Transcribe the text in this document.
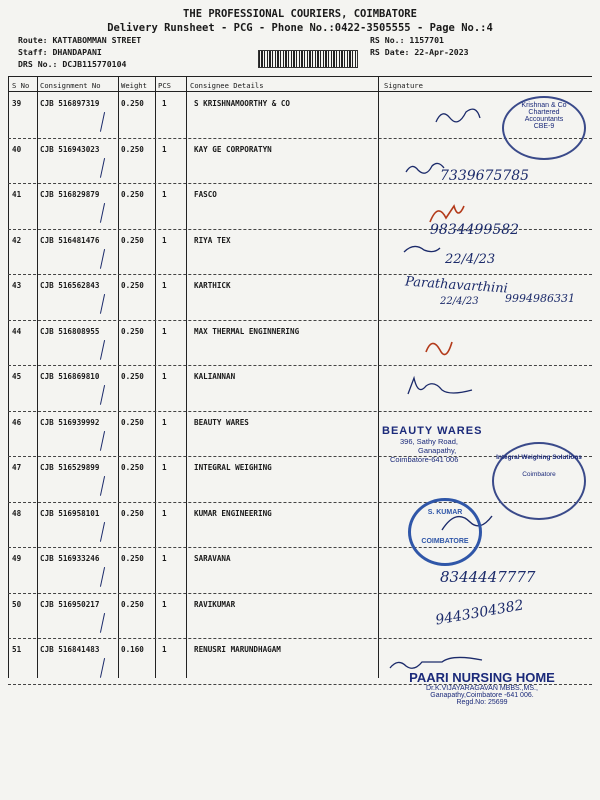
THE PROFESSIONAL COURIERS, COIMBATORE
Delivery Runsheet - PCG - Phone No.:0422-3505555 - Page No.:4
Route: KATTABOMMAN STREET
Staff: DHANDAPANI
DRS No.: DCJB115770104
RS No.: 1157701
RS Date: 22-Apr-2023
S No Consignment No	Weight PCS	Consignee Details	Signature
39 CJB 516897319	0.250 1	S KRISHNAMOORTHY & CO
40 CJB 516943023	0.250 1	KAY GE CORPORATYN
41 CJB 516829879	0.250 1	FASCO
42 CJB 516481476	0.250 1	RIYA TEX
43 CJB 516562843	0.250 1	KARTHICK
44 CJB 516808955	0.250 1	MAX THERMAL ENGINNERING
45 CJB 516869810	0.250 1	KALIANNAN
46 CJB 516939992	0.250 1	BEAUTY WARES
47 CJB 516529899	0.250 1	INTEGRAL WEIGHING
48 CJB 516958101	0.250 1	KUMAR ENGINEERING
49 CJB 516933246	0.250 1	SARAVANA
50 CJB 516950217	0.250 1	RAVIKUMAR
51 CJB 516841483	0.160 1	RENUSRI MARUNDHAGAM
7339675785
9834499582
22/4/23
Parathavarthini
22/4/23 9994986331
8344447777
9443304382
Krishnan & Co
Chartered
Accountants
CBE-9
BEAUTY WARES
396, Sathy Road,
Ganapathy,
Coimbatore-641 006	Integral Weighing Solutions
Coimbatore
S. KUMAR
COIMBATORE
PAARI NURSING HOME
Dr.K.VIJAYARAGAVAN MBBS.,MS.,
Ganapathy,Coimbatore -641 006.
Regd.No: 25699
